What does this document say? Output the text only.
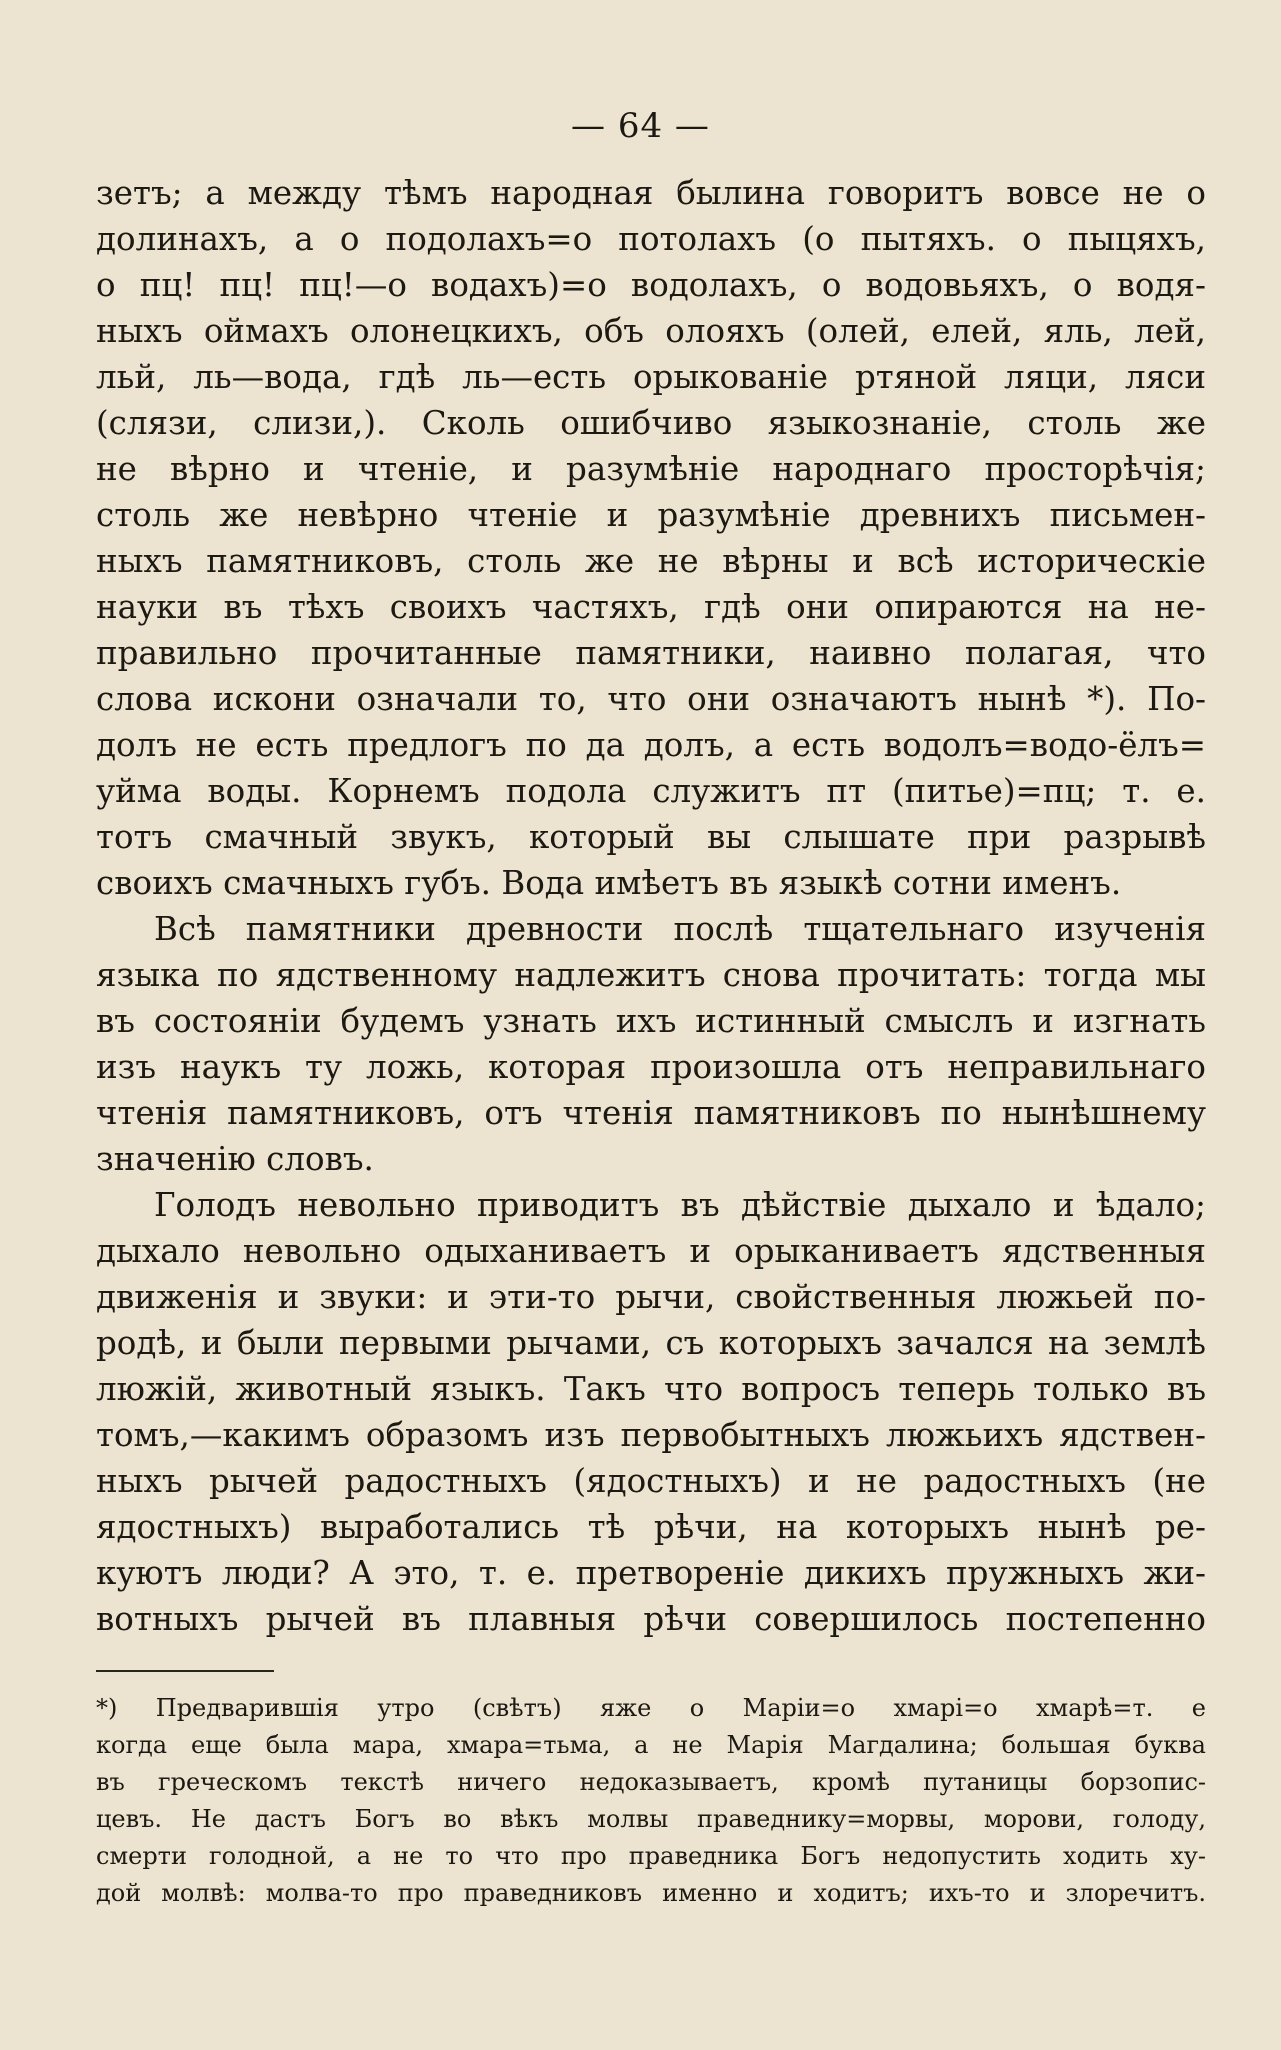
— 64 —
зетъ; а между тѣмъ народная былина говоритъ вовсе не о
долинахъ, а о подолахъ=о потолахъ (о пытяхъ. о пыцяхъ,
о пц! пц! пц!—о водахъ)=о водолахъ, о водовьяхъ, о водя-
ныхъ оймахъ олонецкихъ, объ олояхъ (олей, елей, яль, лей,
льй, ль—вода, гдѣ ль—есть орыкованіе ртяной ляци, ляси
(слязи, слизи,). Сколь ошибчиво языкознаніе, столь же
не вѣрно и чтеніе, и разумѣніе народнаго просторѣчія;
столь же невѣрно чтеніе и разумѣніе древнихъ письмен-
ныхъ памятниковъ, столь же не вѣрны и всѣ историческіе
науки въ тѣхъ своихъ частяхъ, гдѣ они опираются на не-
правильно прочитанные памятники, наивно полагая, что
слова искони означали то, что они означаютъ нынѣ *). По-
долъ не есть предлогъ по да долъ, а есть водолъ=водо-ёлъ=
уйма воды. Корнемъ подола служитъ пт (питье)=пц; т. е.
тотъ смачный звукъ, который вы слышате при разрывѣ
своихъ смачныхъ губъ. Вода имѣетъ въ языкѣ сотни именъ.
Всѣ памятники древности послѣ тщательнаго изученія
языка по ядственному надлежитъ снова прочитать: тогда мы
въ состояніи будемъ узнать ихъ истинный смыслъ и изгнать
изъ наукъ ту ложь, которая произошла отъ неправильнаго
чтенія памятниковъ, отъ чтенія памятниковъ по нынѣшнему
значенію словъ.
Голодъ невольно приводитъ въ дѣйствіе дыхало и ѣдало;
дыхало невольно одыханиваетъ и орыканиваетъ ядственныя
движенія и звуки: и эти-то рычи, свойственныя люжьей по-
родѣ, и были первыми рычами, съ которыхъ зачался на землѣ
люжій, животный языкъ. Такъ что вопросъ теперь только въ
томъ,—какимъ образомъ изъ первобытныхъ люжьихъ ядствен-
ныхъ рычей радостныхъ (ядостныхъ) и не радостныхъ (не
ядостныхъ) выработались тѣ рѣчи, на которыхъ нынѣ ре-
куютъ люди? А это, т. е. претвореніе дикихъ пружныхъ жи-
вотныхъ рычей въ плавныя рѣчи совершилось постепенно
*) Предварившія утро (свѣтъ) яже о Маріи=о хмарі=о хмарѣ=т. е
когда еще была мара, хмара=тьма, а не Марія Магдалина; большая буква
въ греческомъ текстѣ ничего недоказываетъ, кромѣ путаницы борзопис-
цевъ. Не дастъ Богъ во вѣкъ молвы праведнику=морвы, морови, голоду,
смерти голодной, а не то что про праведника Богъ недопустить ходить ху-
дой молвѣ: молва-то про праведниковъ именно и ходитъ; ихъ-то и злоречитъ.
